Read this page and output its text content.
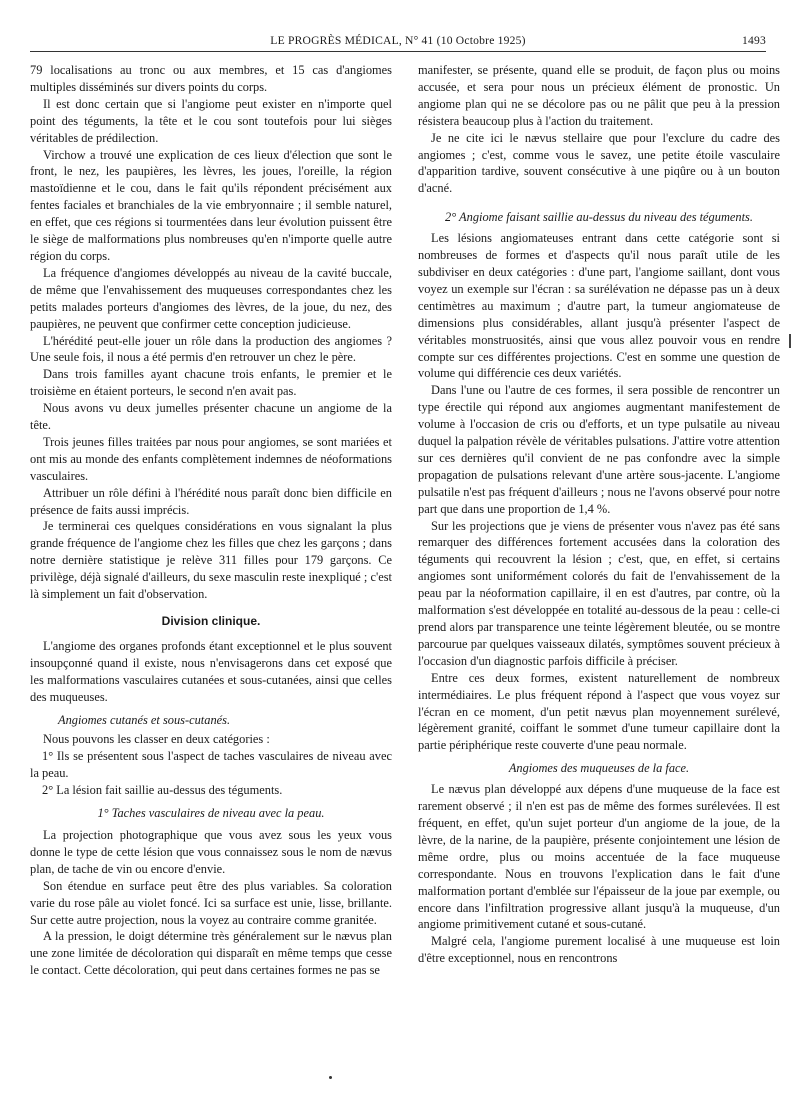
LE PROGRÈS MÉDICAL, N° 41 (10 Octobre 1925)	1493

79 localisations au tronc ou aux membres, et 15 cas d'angiomes multiples disséminés sur divers points du corps.

Il est donc certain que si l'angiome peut exister en n'importe quel point des téguments, la tête et le cou sont toutefois pour lui sièges véritables de prédilection.

Virchow a trouvé une explication de ces lieux d'élection que sont le front, le nez, les paupières, les lèvres, les joues, l'oreille, la région mastoïdienne et le cou, dans le fait qu'ils répondent précisément aux fentes faciales et branchiales de la vie embryonnaire ; il semble naturel, en effet, que ces régions si tourmentées dans leur évolution puissent être le siège de malformations plus nombreuses qu'en n'importe quelle autre région du corps.

La fréquence d'angiomes développés au niveau de la cavité buccale, de même que l'envahissement des muqueuses correspondantes chez les petits malades porteurs d'angiomes des lèvres, de la joue, du nez, des paupières, ne peuvent que confirmer cette conception judicieuse.

L'hérédité peut-elle jouer un rôle dans la production des angiomes ? Une seule fois, il nous a été permis d'en retrouver un chez le père.

Dans trois familles ayant chacune trois enfants, le premier et le troisième en étaient porteurs, le second n'en avait pas.

Nous avons vu deux jumelles présenter chacune un angiome de la tête.

Trois jeunes filles traitées par nous pour angiomes, se sont mariées et ont mis au monde des enfants complètement indemnes de néoformations vasculaires.

Attribuer un rôle défini à l'hérédité nous paraît donc bien difficile en présence de faits aussi imprécis.

Je terminerai ces quelques considérations en vous signalant la plus grande fréquence de l'angiome chez les filles que chez les garçons ; dans notre dernière statistique je relève 311 filles pour 179 garçons. Ce privilège, déjà signalé d'ailleurs, du sexe masculin reste inexpliqué ; c'est là simplement un fait d'observation.

Division clinique.

L'angiome des organes profonds étant exceptionnel et le plus souvent insoupçonné quand il existe, nous n'envisagerons dans cet exposé que les malformations vasculaires cutanées et sous-cutanées, ainsi que celles des muqueuses.

Angiomes cutanés et sous-cutanés.

Nous pouvons les classer en deux catégories :

1° Ils se présentent sous l'aspect de taches vasculaires de niveau avec la peau.

2° La lésion fait saillie au-dessus des téguments.

1° Taches vasculaires de niveau avec la peau.

La projection photographique que vous avez sous les yeux vous donne le type de cette lésion que vous connaissez sous le nom de nævus plan, de tache de vin ou encore d'envie.

Son étendue en surface peut être des plus variables. Sa coloration varie du rose pâle au violet foncé. Ici sa surface est unie, lisse, brillante. Sur cette autre projection, nous la voyez au contraire comme granitée.

A la pression, le doigt détermine très généralement sur le nævus plan une zone limitée de décoloration qui disparaît en même temps que cesse le contact. Cette décoloration, qui peut dans certaines formes ne pas se

manifester, se présente, quand elle se produit, de façon plus ou moins accusée, et sera pour nous un précieux élément de pronostic. Un angiome plan qui ne se décolore pas ou ne pâlit que peu à la pression résistera beaucoup plus à l'action du traitement.

Je ne cite ici le nævus stellaire que pour l'exclure du cadre des angiomes ; c'est, comme vous le savez, une petite étoile vasculaire d'apparition tardive, souvent consécutive à une piqûre ou à un bouton d'acné.

2° Angiome faisant saillie au-dessus du niveau des téguments.

Les lésions angiomateuses entrant dans cette catégorie sont si nombreuses de formes et d'aspects qu'il nous paraît utile de les subdiviser en deux catégories : d'une part, l'angiome saillant, dont vous voyez un exemple sur l'écran : sa surélévation ne dépasse pas un à deux centimètres au maximum ; d'autre part, la tumeur angiomateuse de dimensions plus considérables, allant jusqu'à présenter l'aspect de véritables monstruosités, ainsi que vous allez pouvoir vous en rendre compte sur ces différentes projections. C'est en somme une question de volume qui différencie ces deux variétés.

Dans l'une ou l'autre de ces formes, il sera possible de rencontrer un type érectile qui répond aux angiomes augmentant manifestement de volume à l'occasion de cris ou d'efforts, et un type pulsatile au niveau duquel la palpation révèle de véritables pulsations. J'attire votre attention sur ces dernières qu'il convient de ne pas confondre avec la simple propagation de pulsations relevant d'une artère sous-jacente. L'angiome pulsatile n'est pas fréquent d'ailleurs ; nous ne l'avons observé pour notre part que dans une proportion de 1,4 %.

Sur les projections que je viens de présenter vous n'avez pas été sans remarquer des différences fortement accusées dans la coloration des téguments qui recouvrent la lésion ; c'est, que, en effet, si certains angiomes sont uniformément colorés du fait de l'envahissement de la peau par la néoformation capillaire, il en est d'autres, par contre, où la malformation s'est développée en totalité au-dessous de la peau : celle-ci prend alors par transparence une teinte légèrement bleutée, ou se montre parcourue par quelques vaisseaux dilatés, symptômes souvent précieux à l'occasion d'un diagnostic parfois difficile à préciser.

Entre ces deux formes, existent naturellement de nombreux intermédiaires. Le plus fréquent répond à l'aspect que vous voyez sur l'écran en ce moment, d'un petit nævus plan moyennement surélevé, légèrement granité, coiffant le sommet d'une tumeur capillaire dont la partie périphérique reste couverte d'une peau normale.

Angiomes des muqueuses de la face.

Le nævus plan développé aux dépens d'une muqueuse de la face est rarement observé ; il n'en est pas de même des formes surélevées. Il est fréquent, en effet, qu'un sujet porteur d'un angiome de la joue, de la lèvre, de la narine, de la paupière, présente conjointement une lésion de même ordre, plus ou moins accentuée de la face muqueuse correspondante. Nous en trouvons l'explication dans le fait d'une malformation portant d'emblée sur l'épaisseur de la joue par exemple, ou encore dans l'infiltration progressive allant jusqu'à la muqueuse, d'un angiome primitivement cutané et sous-cutané.

Malgré cela, l'angiome purement localisé à une muqueuse est loin d'être exceptionnel, nous en rencontrons
